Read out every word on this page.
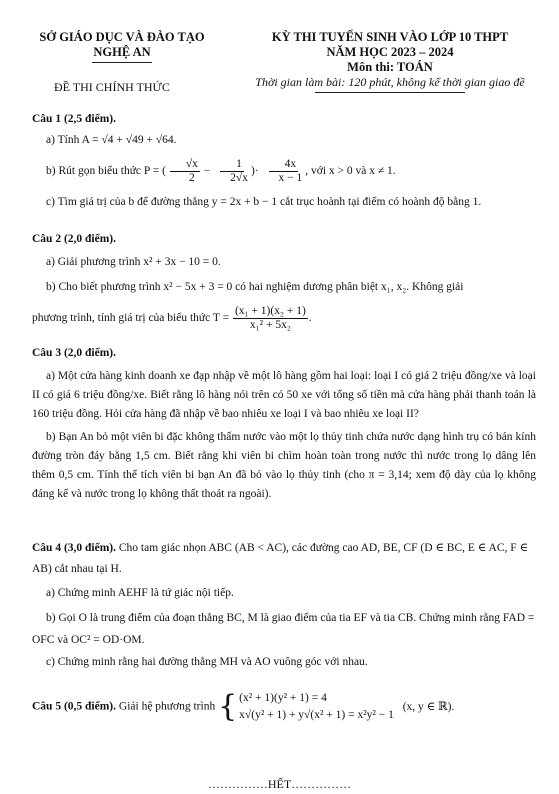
SỞ GIÁO DỤC VÀ ĐÀO TẠO
NGHỆ AN
ĐỀ THI CHÍNH THỨC
KỲ THI TUYỂN SINH VÀO LỚP 10 THPT
NĂM HỌC 2023 – 2024
Môn thi: TOÁN
Thời gian làm bài: 120 phút, không kể thời gian giao đề
Câu 1 (2,5 điểm).
a) Tính A = √4 + √49 + √64.
b) Rút gọn biểu thức P = ( $\frac{√x}{2} - \frac{1}{2√x}$ )· $\frac{4x}{x - 1}$ , với x > 0 và x ≠ 1.
c) Tìm giá trị của b để đường thẳng y = 2x + b − 1 cắt trục hoành tại điểm có hoành độ bằng 1.
Câu 2 (2,0 điểm).
a) Giải phương trình x² + 3x − 10 = 0.
b) Cho biết phương trình x² − 5x + 3 = 0 có hai nghiệm dương phân biệt x₁, x₂. Không giải
phương trình, tính giá trị của biểu thức $T = \frac{\text{(x₁ + 1)(x₂ + 1)}}{\text{x₁² + 5x₂}}$ .
Câu 3 (2,0 điểm).
a) Một cửa hàng kinh doanh xe đạp nhập về một lô hàng gồm hai loại: loại I có giá 2 triệu đồng/xe và loại II có giá 6 triệu đồng/xe. Biết rằng lô hàng nói trên có 50 xe với tổng số tiền mà cửa hàng phải thanh toán là 160 triệu đồng. Hỏi cửa hàng đã nhập về bao nhiêu xe loại I và bao nhiêu xe loại II?
b) Bạn An bỏ một viên bi đặc không thấm nước vào một lọ thủy tinh chứa nước dạng hình trụ có bán kính đường tròn đáy bằng 1,5 cm. Biết rằng khi viên bi chìm hoàn toàn trong nước thì nước trong lọ dâng lên thêm 0,5 cm. Tính thể tích viên bi bạn An đã bỏ vào lọ thủy tinh (cho π = 3,14; xem độ dày của lọ không đáng kể và nước trong lọ không thất thoát ra ngoài).
Câu 4 (3,0 điểm). Cho tam giác nhọn ABC (AB < AC), các đường cao AD, BE, CF (D ∈ BC, E ∈ AC, F ∈ AB) cắt nhau tại H.
a) Chứng minh AEHF là tứ giác nội tiếp.
b) Gọi O là trung điểm của đoạn thẳng BC, M là giao điểm của tia EF và tia CB. Chứng minh rằng FAD = OFC và OC² = OD·OM.
c) Chứng minh rằng hai đường thẳng MH và AO vuông góc với nhau.
Câu 5 (0,5 điểm). Giải hệ phương trình { (x² + 1)(y² + 1) = 4
x√(y² + 1) + y√(x² + 1) = x²y² − 1
(x, y ∈ ℝ).
……………HẾT……………
